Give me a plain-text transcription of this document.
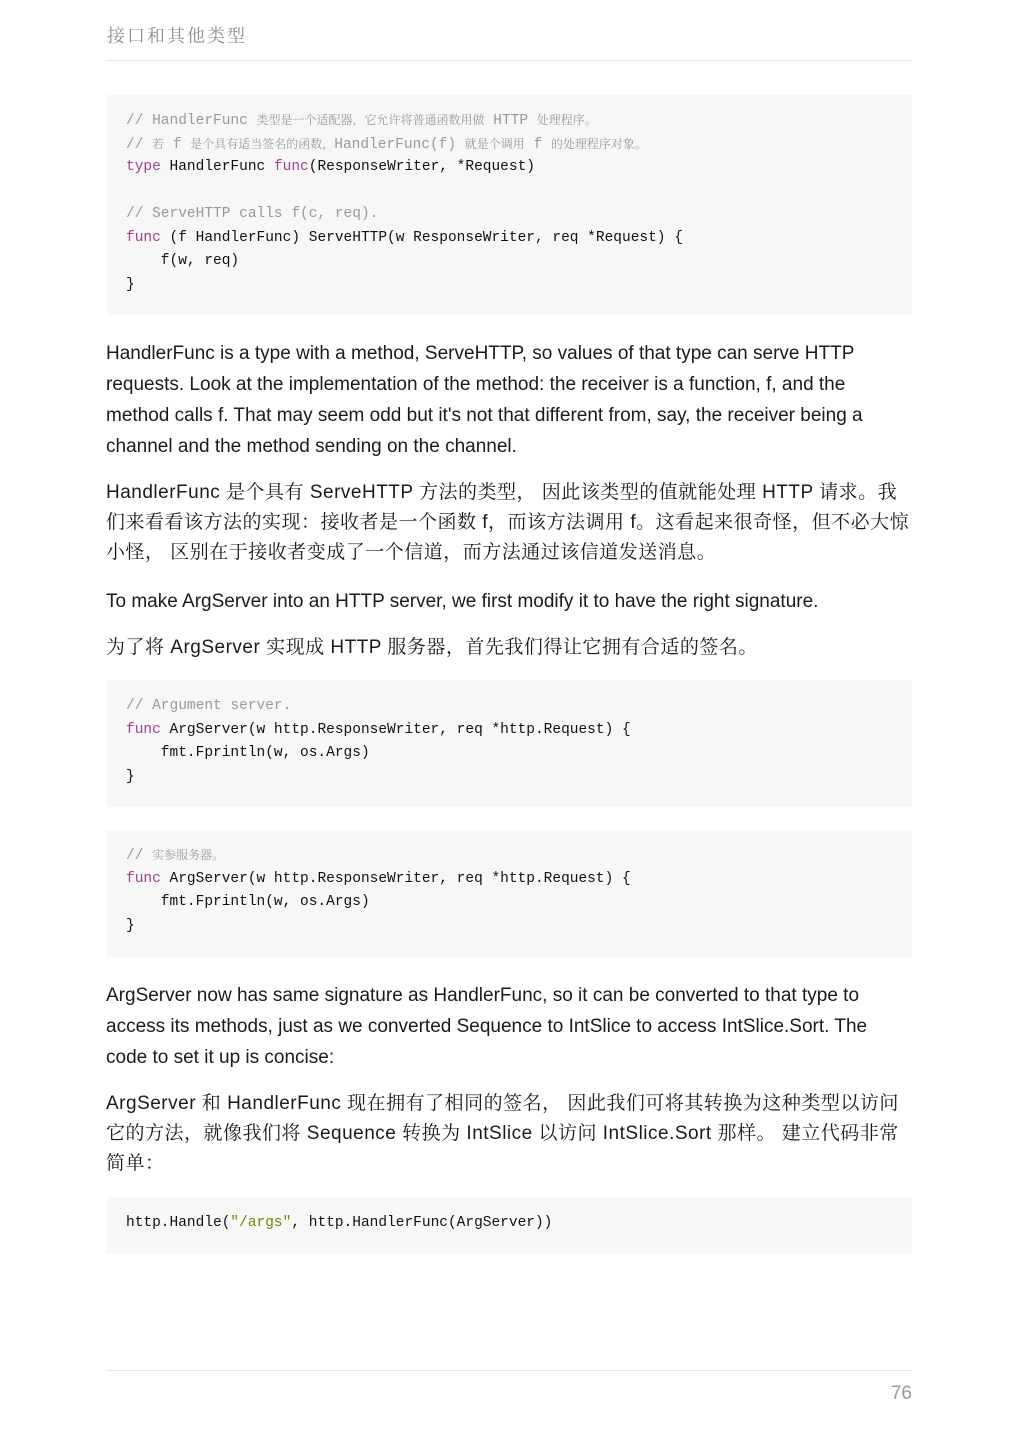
接口和其他类型
// HandlerFunc 类型是一个适配器，它允许将普通函数用做 HTTP 处理程序。
// 若 f 是个具有适当签名的函数，HandlerFunc(f) 就是个调用 f 的处理程序对象。
type HandlerFunc func(ResponseWriter, *Request)
// ServeHTTP calls f(c, req).
func (f HandlerFunc) ServeHTTP(w ResponseWriter, req *Request) {
f(w, req)
}

HandlerFunc is a type with a method, ServeHTTP, so values of that type can serve HTTP requests. Look at the implementation of the method: the receiver is a function, f, and the method calls f. That may seem odd but it's not that different from, say, the receiver being a channel and the method sending on the channel.

HandlerFunc 是个具有 ServeHTTP 方法的类型， 因此该类型的值就能处理 HTTP 请求。我们来看看该方法的实现：接收者是一个函数 f，而该方法调用 f。这看起来很奇怪，但不必大惊小怪， 区别在于接收者变成了一个信道，而方法通过该信道发送消息。

To make ArgServer into an HTTP server, we first modify it to have the right signature.

为了将 ArgServer 实现成 HTTP 服务器，首先我们得让它拥有合适的签名。

// Argument server.
func ArgServer(w http.ResponseWriter, req *http.Request) {
fmt.Fprintln(w, os.Args)
}
// 实参服务器。
func ArgServer(w http.ResponseWriter, req *http.Request) {
fmt.Fprintln(w, os.Args)
}

ArgServer now has same signature as HandlerFunc, so it can be converted to that type to access its methods, just as we converted Sequence to IntSlice to access IntSlice.Sort. The code to set it up is concise:

ArgServer 和 HandlerFunc 现在拥有了相同的签名， 因此我们可将其转换为这种类型以访问它的方法，就像我们将 Sequence 转换为 IntSlice 以访问 IntSlice.Sort 那样。 建立代码非常简单：

http.Handle("/args", http.HandlerFunc(ArgServer))
76
